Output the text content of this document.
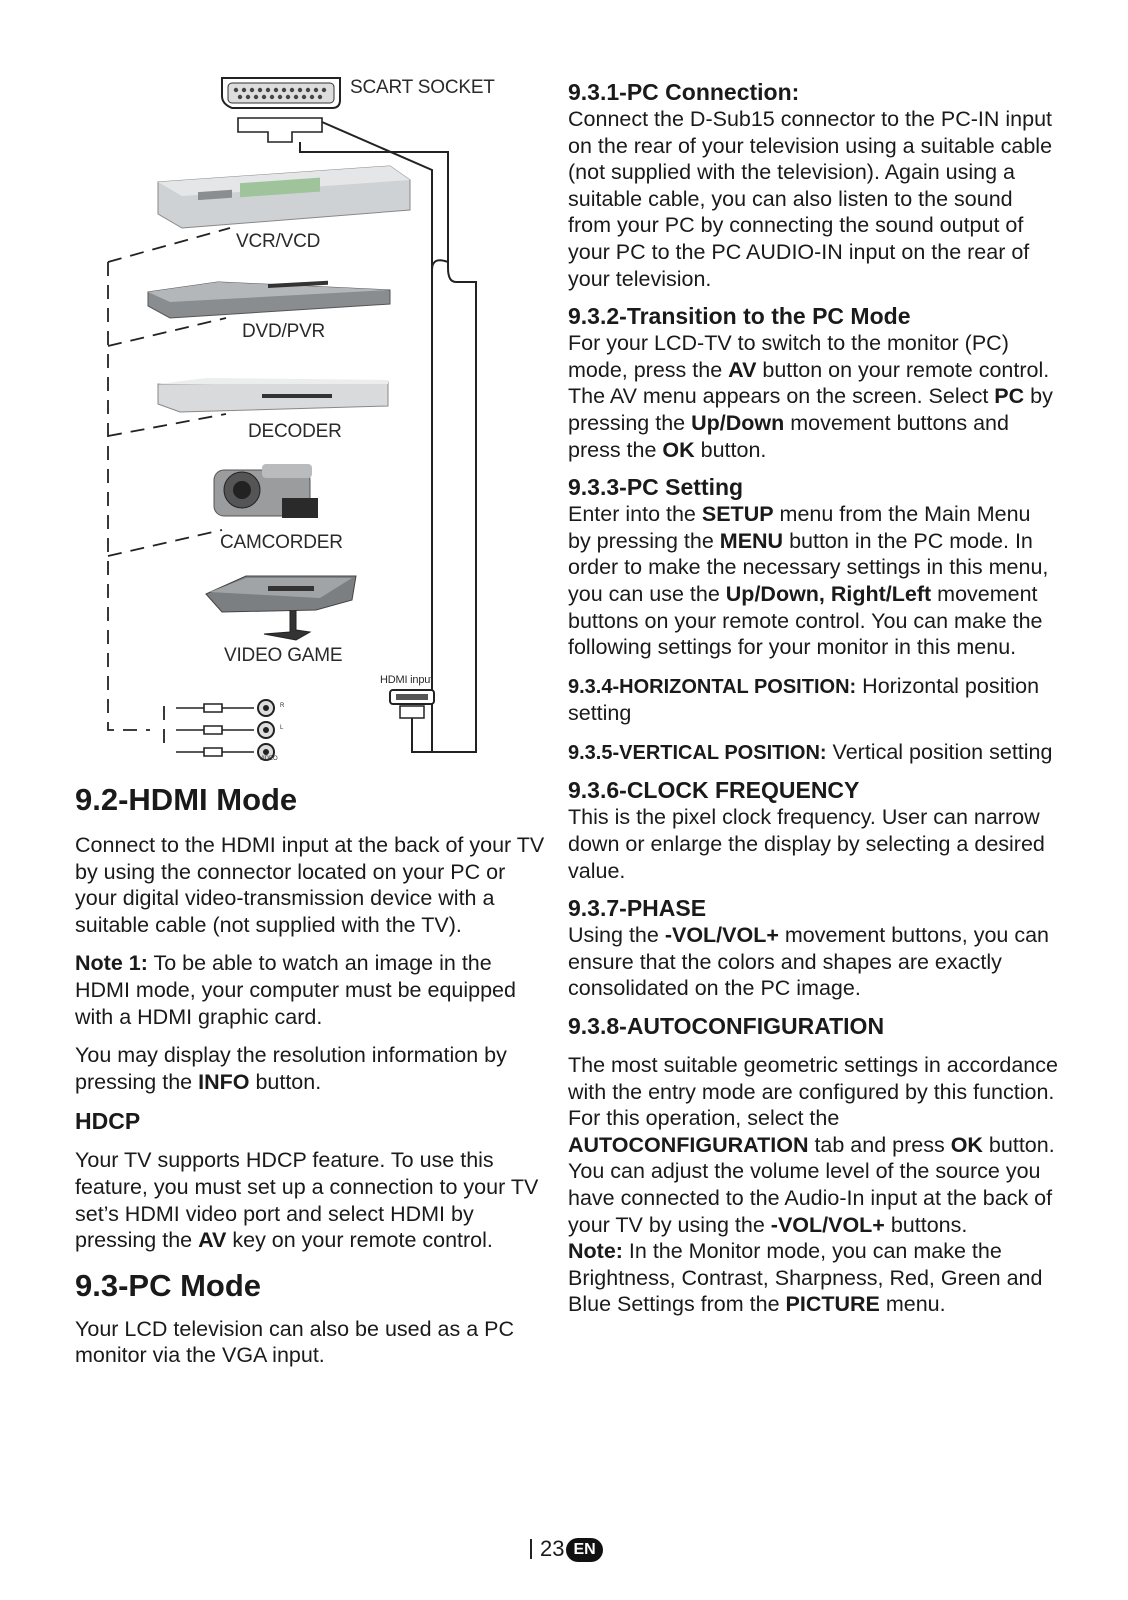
SCART SOCKET
VCR/VCD
DVD/PVR
DECODER
CAMCORDER
VIDEO GAME
HDMI input
R
L
VIDEO
9.2-HDMI Mode

Connect to the HDMI input at the back of your TV by using the connector located on your PC or your digital video-transmission device with a suitable cable (not supplied with the TV).

Note 1: To be able to watch an image in the HDMI mode, your computer must be equipped with a HDMI graphic card.

You may display the resolution information by pressing the INFO button.

HDCP

Your TV supports HDCP feature. To use this feature, you must set up a connection to your TV set’s HDMI video port and select HDMI by pressing the AV key on your remote control.

9.3-PC Mode

Your LCD television can also be used as a PC monitor via the VGA input.

9.3.1-PC Connection:

Connect the D-Sub15 connector to the PC-IN input on the rear of your television using a suitable cable (not supplied with the television). Again using a suitable cable, you can also listen to the sound from your PC by connecting the sound output of your PC to the PC AUDIO-IN input on the rear of your television.

9.3.2-Transition to the PC Mode

For your LCD-TV to switch to the monitor (PC) mode, press the AV button on your remote control. The AV menu appears on the screen. Select PC by pressing the Up/Down movement buttons and press the OK button.

9.3.3-PC Setting

Enter into the SETUP menu from the Main Menu by pressing the MENU button in the PC mode. In order to make the necessary settings in this menu, you can use the Up/Down, Right/Left movement buttons on your remote control. You can make the following settings for your monitor in this menu.

9.3.4-HORIZONTAL POSITION: Horizontal position setting

9.3.5-VERTICAL POSITION: Vertical position setting

9.3.6-CLOCK FREQUENCY

This is the pixel clock frequency. User can narrow down or enlarge the display by selecting a desired value.

9.3.7-PHASE

Using the -VOL/VOL+ movement buttons, you can ensure that the colors and shapes are exactly consolidated on the PC image.

9.3.8-AUTOCONFIGURATION

The most suitable geometric settings in accordance with the entry mode are configured by this function. For this operation, select the AUTOCONFIGURATION tab and press OK button. You can adjust the volume level of the source you have connected to the Audio-In input at the back of your TV by using the -VOL/VOL+ buttons.

Note: In the Monitor mode, you can make the Brightness, Contrast, Sharpness, Red, Green and Blue Settings from the PICTURE menu.

23 EN
